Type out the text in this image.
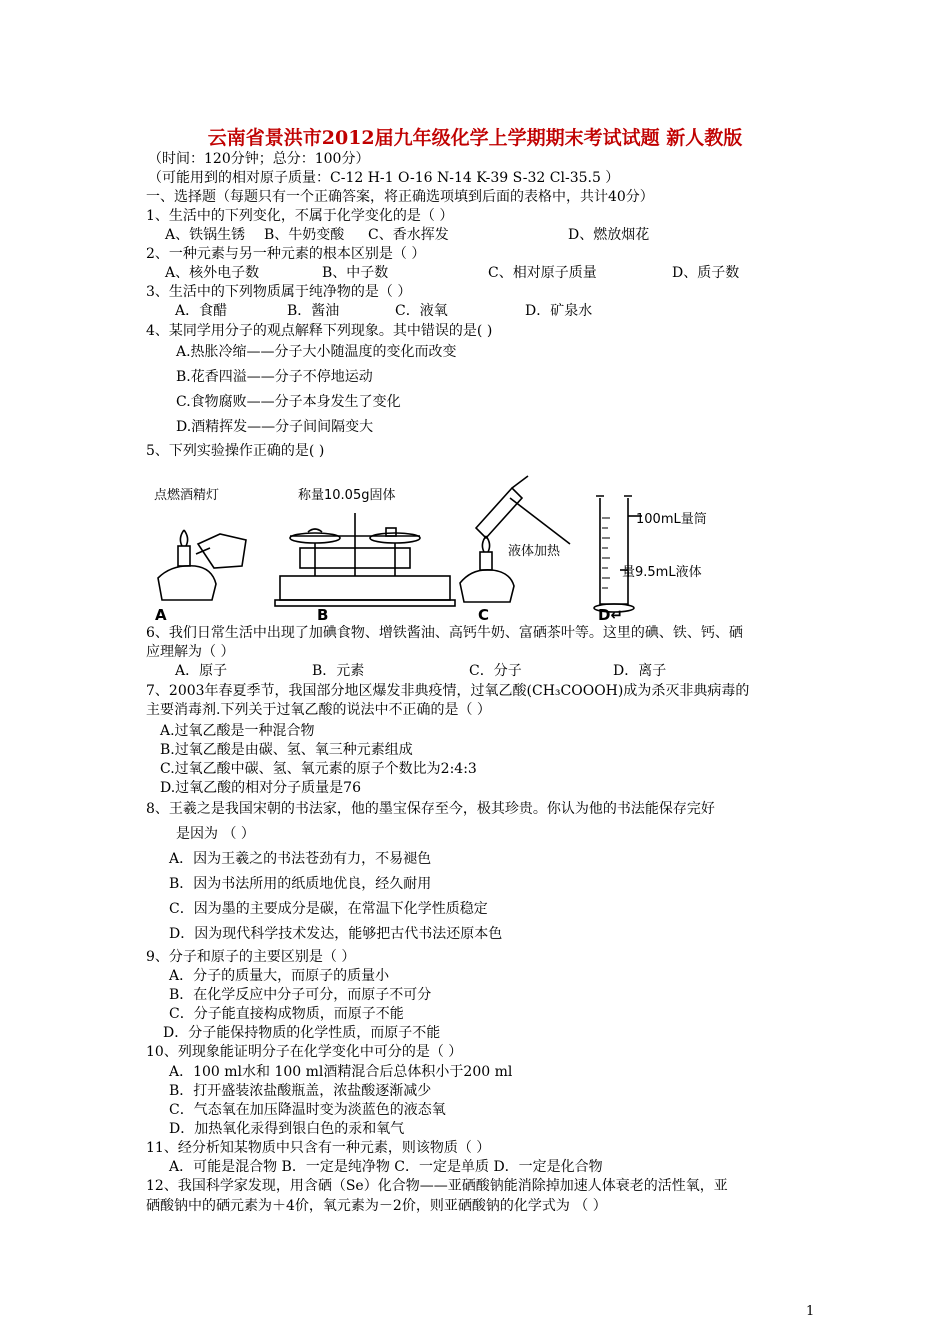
云南省景洪市2012届九年级化学上学期期末考试试题 新人教版
（时间：120分钟；总分：100分）
（可能用到的相对原子质量：C-12 H-1 O-16 N-14 K-39 S-32 Cl-35.5 ）
一、选择题（每题只有一个正确答案，将正确选项填到后面的表格中，共计40分）
1、生活中的下列变化，不属于化学变化的是（ ）
A、铁锅生锈 B、牛奶变酸 C、香水挥发	D、燃放烟花
2、一种元素与另一种元素的根本区别是（ ）
A、核外电子数	B、中子数	C、相对原子质量	D、质子数
3、生活中的下列物质属于纯净物的是（ ）
A．食醋	B．酱油	C．液氧	D．矿泉水
4、某同学用分子的观点解释下列现象。其中错误的是( )
A.热胀冷缩——分子大小随温度的变化而改变
B.花香四溢——分子不停地运动
C.食物腐败——分子本身发生了变化
D.酒精挥发——分子间间隔变大
5、下列实验操作正确的是( )
点燃酒精灯	称量10.05g固体
液体加热
100mL量筒
量9.5mL液体
A	B	C	D↵
6、我们日常生活中出现了加碘食物、增铁酱油、高钙牛奶、富硒茶叶等。这里的碘、铁、钙、硒
应理解为（ ）
A．原子	B．元素	C．分子	D．离子
7、2003年春夏季节，我国部分地区爆发非典疫情，过氧乙酸(CH₃COOOH)成为杀灭非典病毒的
主要消毒剂.下列关于过氧乙酸的说法中不正确的是（ ）
A.过氧乙酸是一种混合物
B.过氧乙酸是由碳、氢、氧三种元素组成
C.过氧乙酸中碳、氢、氧元素的原子个数比为2:4:3
D.过氧乙酸的相对分子质量是76
8、王羲之是我国宋朝的书法家，他的墨宝保存至今，极其珍贵。你认为他的书法能保存完好
是因为 （ ）
A．因为王羲之的书法苍劲有力，不易褪色
B．因为书法所用的纸质地优良，经久耐用
C．因为墨的主要成分是碳，在常温下化学性质稳定
D．因为现代科学技术发达，能够把古代书法还原本色
9、分子和原子的主要区别是（ ）
A．分子的质量大，而原子的质量小
B．在化学反应中分子可分，而原子不可分
C．分子能直接构成物质，而原子不能
D．分子能保持物质的化学性质，而原子不能
10、列现象能证明分子在化学变化中可分的是（ ）
A．100 ml水和 100 ml酒精混合后总体积小于200 ml
B．打开盛装浓盐酸瓶盖，浓盐酸逐渐减少
C．气态氧在加压降温时变为淡蓝色的液态氧
D．加热氧化汞得到银白色的汞和氧气
11、经分析知某物质中只含有一种元素，则该物质（ ）
A．可能是混合物 B．一定是纯净物 C．一定是单质 D．一定是化合物
12、我国科学家发现，用含硒（Se）化合物——亚硒酸钠能消除掉加速人体衰老的活性氧，亚
硒酸钠中的硒元素为＋4价，氧元素为－2价，则亚硒酸钠的化学式为 （ ）
1
